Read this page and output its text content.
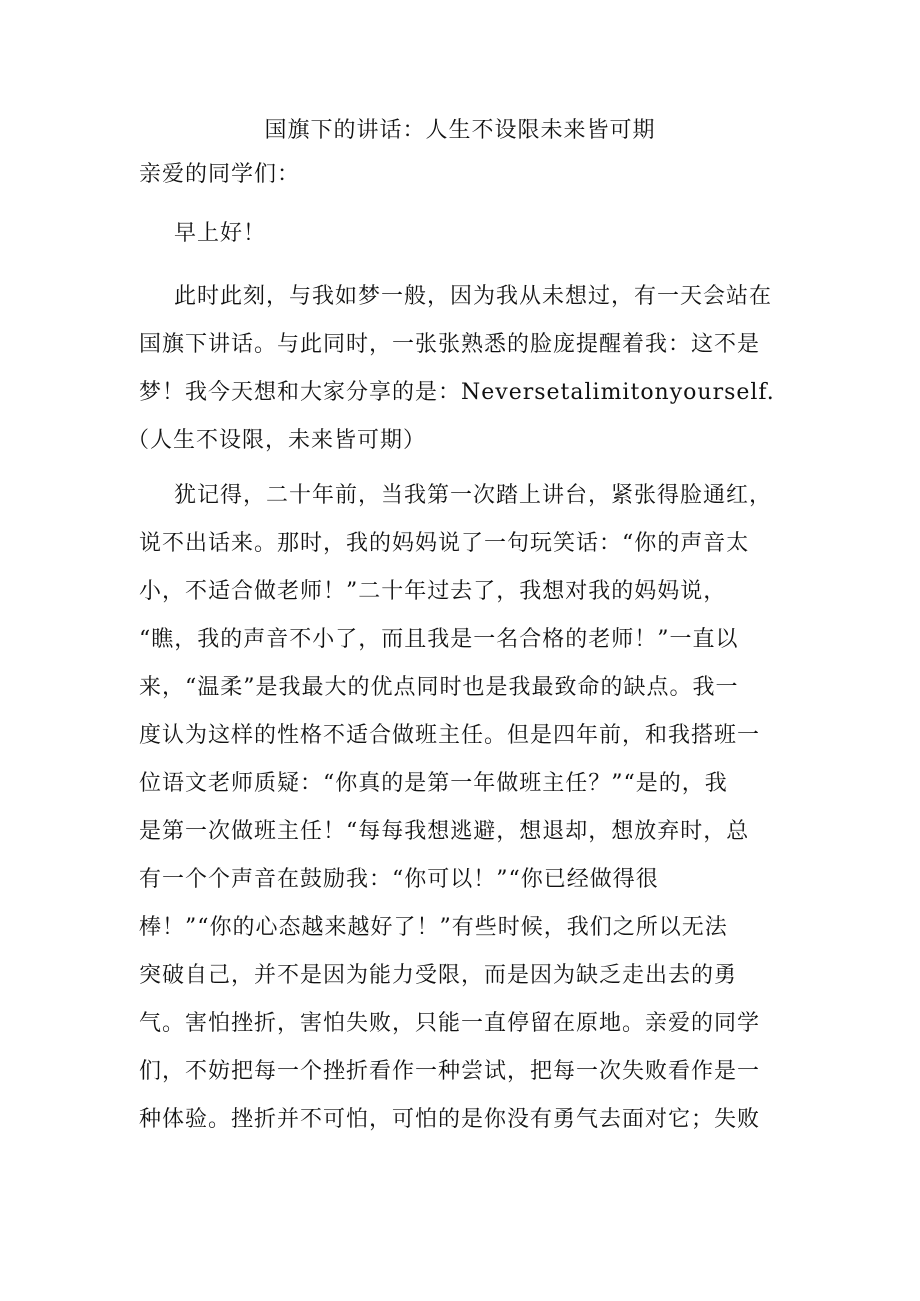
国旗下的讲话：人生不设限未来皆可期
亲爱的同学们：
早上好！
此时此刻，与我如梦一般，因为我从未想过，有一天会站在
国旗下讲话。与此同时，一张张熟悉的脸庞提醒着我：这不是
梦！我今天想和大家分享的是：Neversetalimitonyourself.
（人生不设限，未来皆可期）
犹记得，二十年前，当我第一次踏上讲台，紧张得脸通红，
说不出话来。那时，我的妈妈说了一句玩笑话：“你的声音太
小，不适合做老师！”二十年过去了，我想对我的妈妈说，
“瞧，我的声音不小了，而且我是一名合格的老师！”一直以
来，“温柔”是我最大的优点同时也是我最致命的缺点。我一
度认为这样的性格不适合做班主任。但是四年前，和我搭班一
位语文老师质疑：“你真的是第一年做班主任？”“是的，我
是第一次做班主任！“每每我想逃避，想退却，想放弃时，总
有一个个声音在鼓励我：“你可以！”“你已经做得很
棒！”“你的心态越来越好了！”有些时候，我们之所以无法
突破自己，并不是因为能力受限，而是因为缺乏走出去的勇
气。害怕挫折，害怕失败，只能一直停留在原地。亲爱的同学
们，不妨把每一个挫折看作一种尝试，把每一次失败看作是一
种体验。挫折并不可怕，可怕的是你没有勇气去面对它；失败
